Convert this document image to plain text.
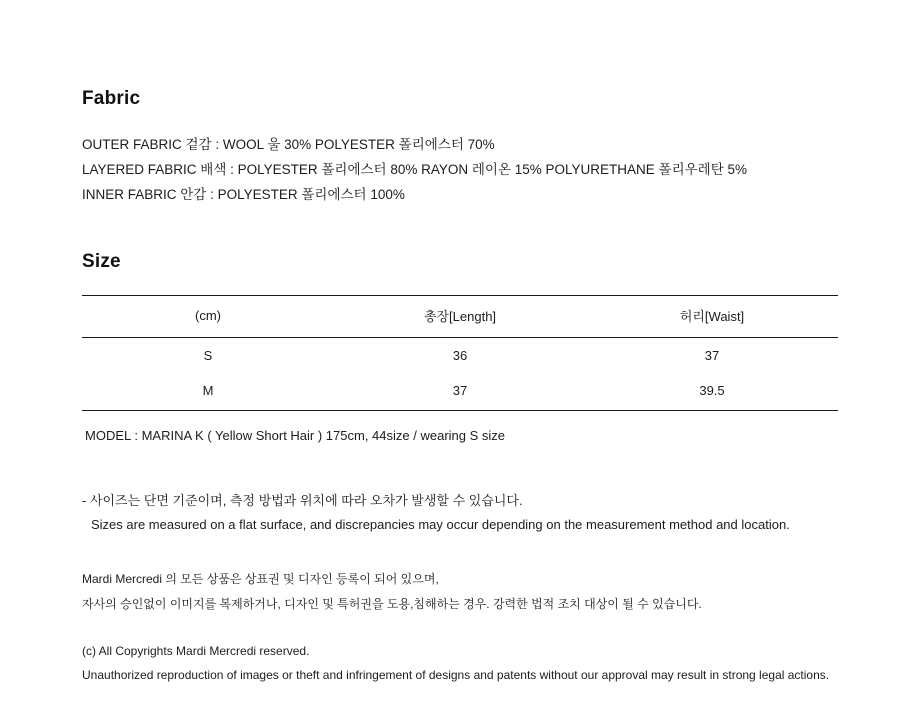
Fabric
OUTER FABRIC 겉감 : WOOL 울 30% POLYESTER 폴리에스터 70%
LAYERED FABRIC 배색 : POLYESTER 폴리에스터 80% RAYON 레이온 15% POLYURETHANE 폴리우레탄 5%
INNER FABRIC 안감 : POLYESTER 폴리에스터 100%
Size
(cm)	총장[Length]	허리[Waist]
S	36	37
M	37	39.5
MODEL : MARINA K ( Yellow Short Hair ) 175cm, 44size / wearing S size
- 사이즈는 단면 기준이며, 측정 방법과 위치에 따라 오차가 발생할 수 있습니다.
Sizes are measured on a flat surface, and discrepancies may occur depending on the measurement method and location.
Mardi Mercredi 의 모든 상품은 상표권 및 디자인 등록이 되어 있으며,
자사의 승인없이 이미지를 복제하거나, 디자인 및 특허권을 도용,침해하는 경우. 강력한 법적 조치 대상이 될 수 있습니다.
(c) All Copyrights Mardi Mercredi reserved.
Unauthorized reproduction of images or theft and infringement of designs and patents without our approval may result in strong legal actions.
